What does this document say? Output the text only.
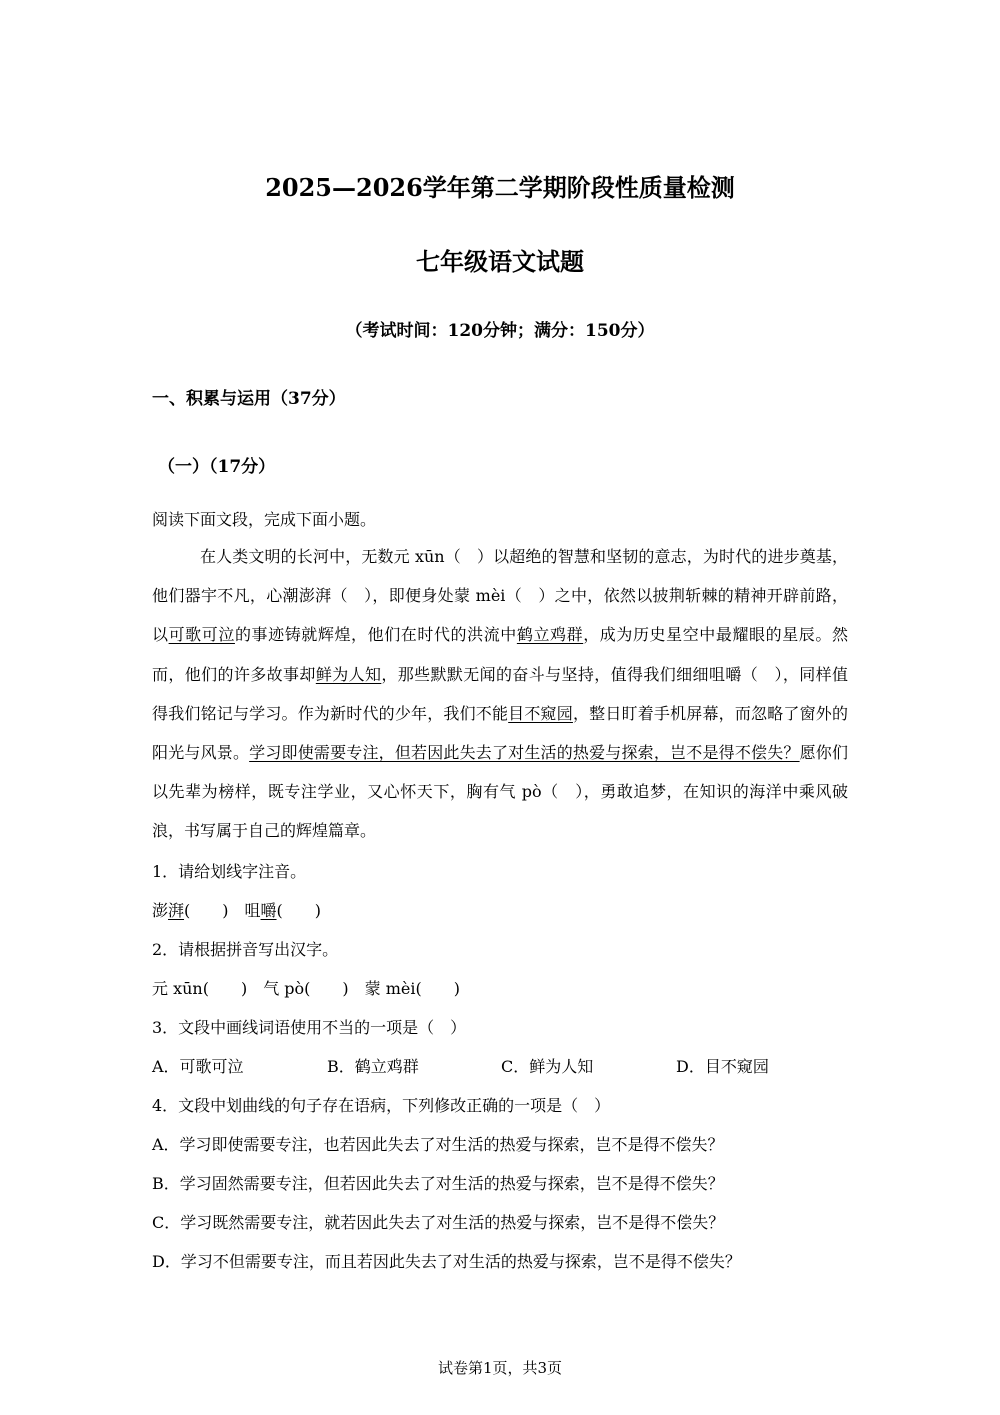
2025—2026学年第二学期阶段性质量检测
七年级语文试题
（考试时间：120分钟；满分：150分）
一、积累与运用（37分）
（一）（17分）
阅读下面文段，完成下面小题。
在人类文明的长河中，无数元 xūn（　）以超绝的智慧和坚韧的意志，为时代的进步奠基，他们器宇不凡，心潮澎湃（　），即便身处蒙 mèi（　）之中，依然以披荆斩棘的精神开辟前路，以可歌可泣的事迹铸就辉煌，他们在时代的洪流中鹤立鸡群，成为历史星空中最耀眼的星辰。然而，他们的许多故事却鲜为人知，那些默默无闻的奋斗与坚持，值得我们细细咀嚼（　），同样值得我们铭记与学习。作为新时代的少年，我们不能目不窥园，整日盯着手机屏幕，而忽略了窗外的阳光与风景。学习即使需要专注，但若因此失去了对生活的热爱与探索，岂不是得不偿失？愿你们以先辈为榜样，既专注学业，又心怀天下，胸有气 pò（　），勇敢追梦，在知识的海洋中乘风破浪，书写属于自己的辉煌篇章。
1．请给划线字注音。
澎湃(　　)　咀嚼(　　)
2．请根据拼音写出汉字。
元 xūn(　　)　气 pò(　　)　蒙 mèi(　　)
3．文段中画线词语使用不当的一项是（　）
A．可歌可泣	B．鹤立鸡群	C．鲜为人知	D．目不窥园
4．文段中划曲线的句子存在语病，下列修改正确的一项是（　）
A．学习即使需要专注，也若因此失去了对生活的热爱与探索，岂不是得不偿失？
B．学习固然需要专注，但若因此失去了对生活的热爱与探索，岂不是得不偿失？
C．学习既然需要专注，就若因此失去了对生活的热爱与探索，岂不是得不偿失？
D．学习不但需要专注，而且若因此失去了对生活的热爱与探索，岂不是得不偿失？
试卷第1页，共3页
